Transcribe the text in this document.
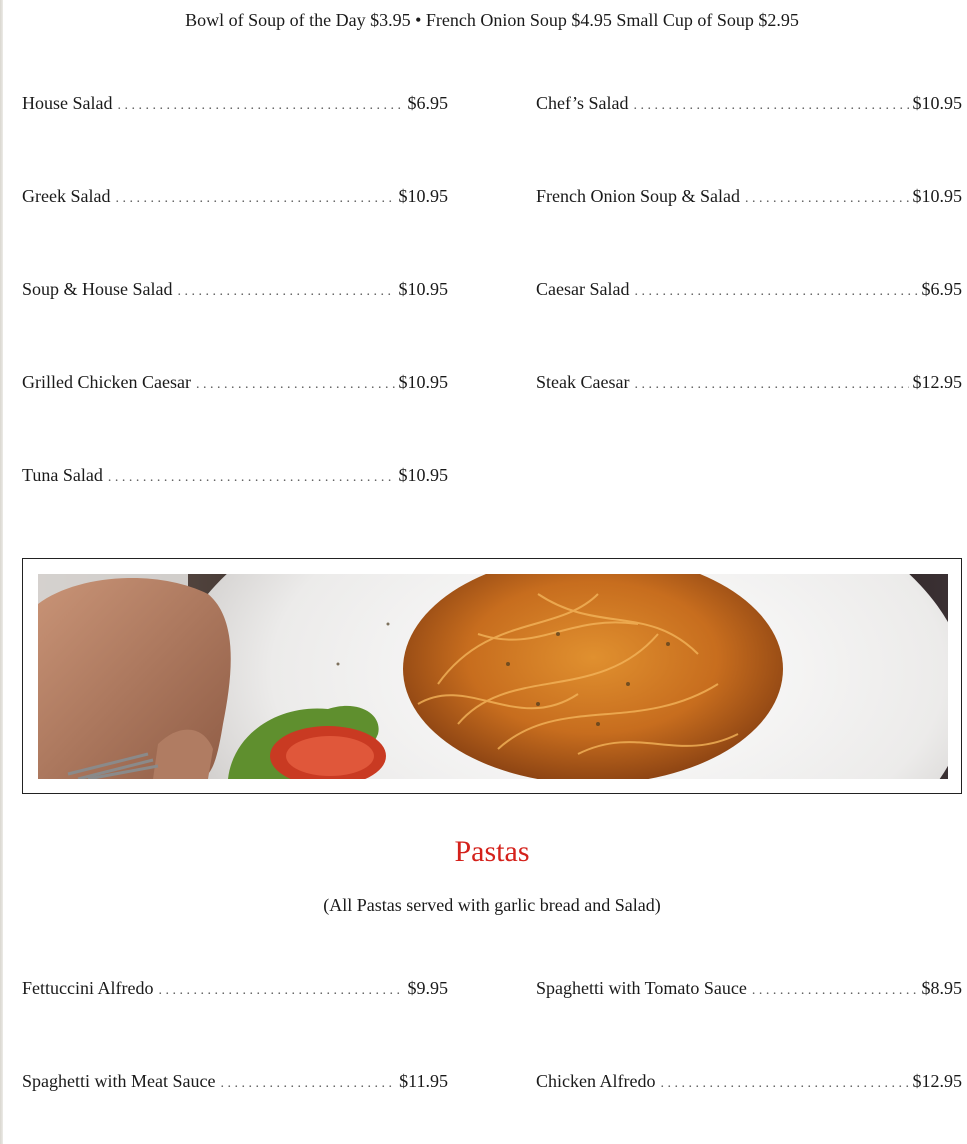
Bowl of Soup of the Day $3.95 • French Onion Soup $4.95 Small Cup of Soup $2.95
House Salad . . .	$6.95	Chef’s Salad . . .	$10.95
Greek Salad . . .	$10.95	French Onion Soup & Salad . . .	$10.95
Soup & House Salad . . .	$10.95	Caesar Salad . . .	$6.95
Grilled Chicken Caesar . . .	$10.95	Steak Caesar . . .	$12.95
Tuna Salad . . .	$10.95
Pastas
(All Pastas served with garlic bread and Salad)
Fettuccini Alfredo . . .	$9.95	Spaghetti with Tomato Sauce . . .	$8.95
Spaghetti with Meat Sauce . . .	$11.95	Chicken Alfredo . . .	$12.95
